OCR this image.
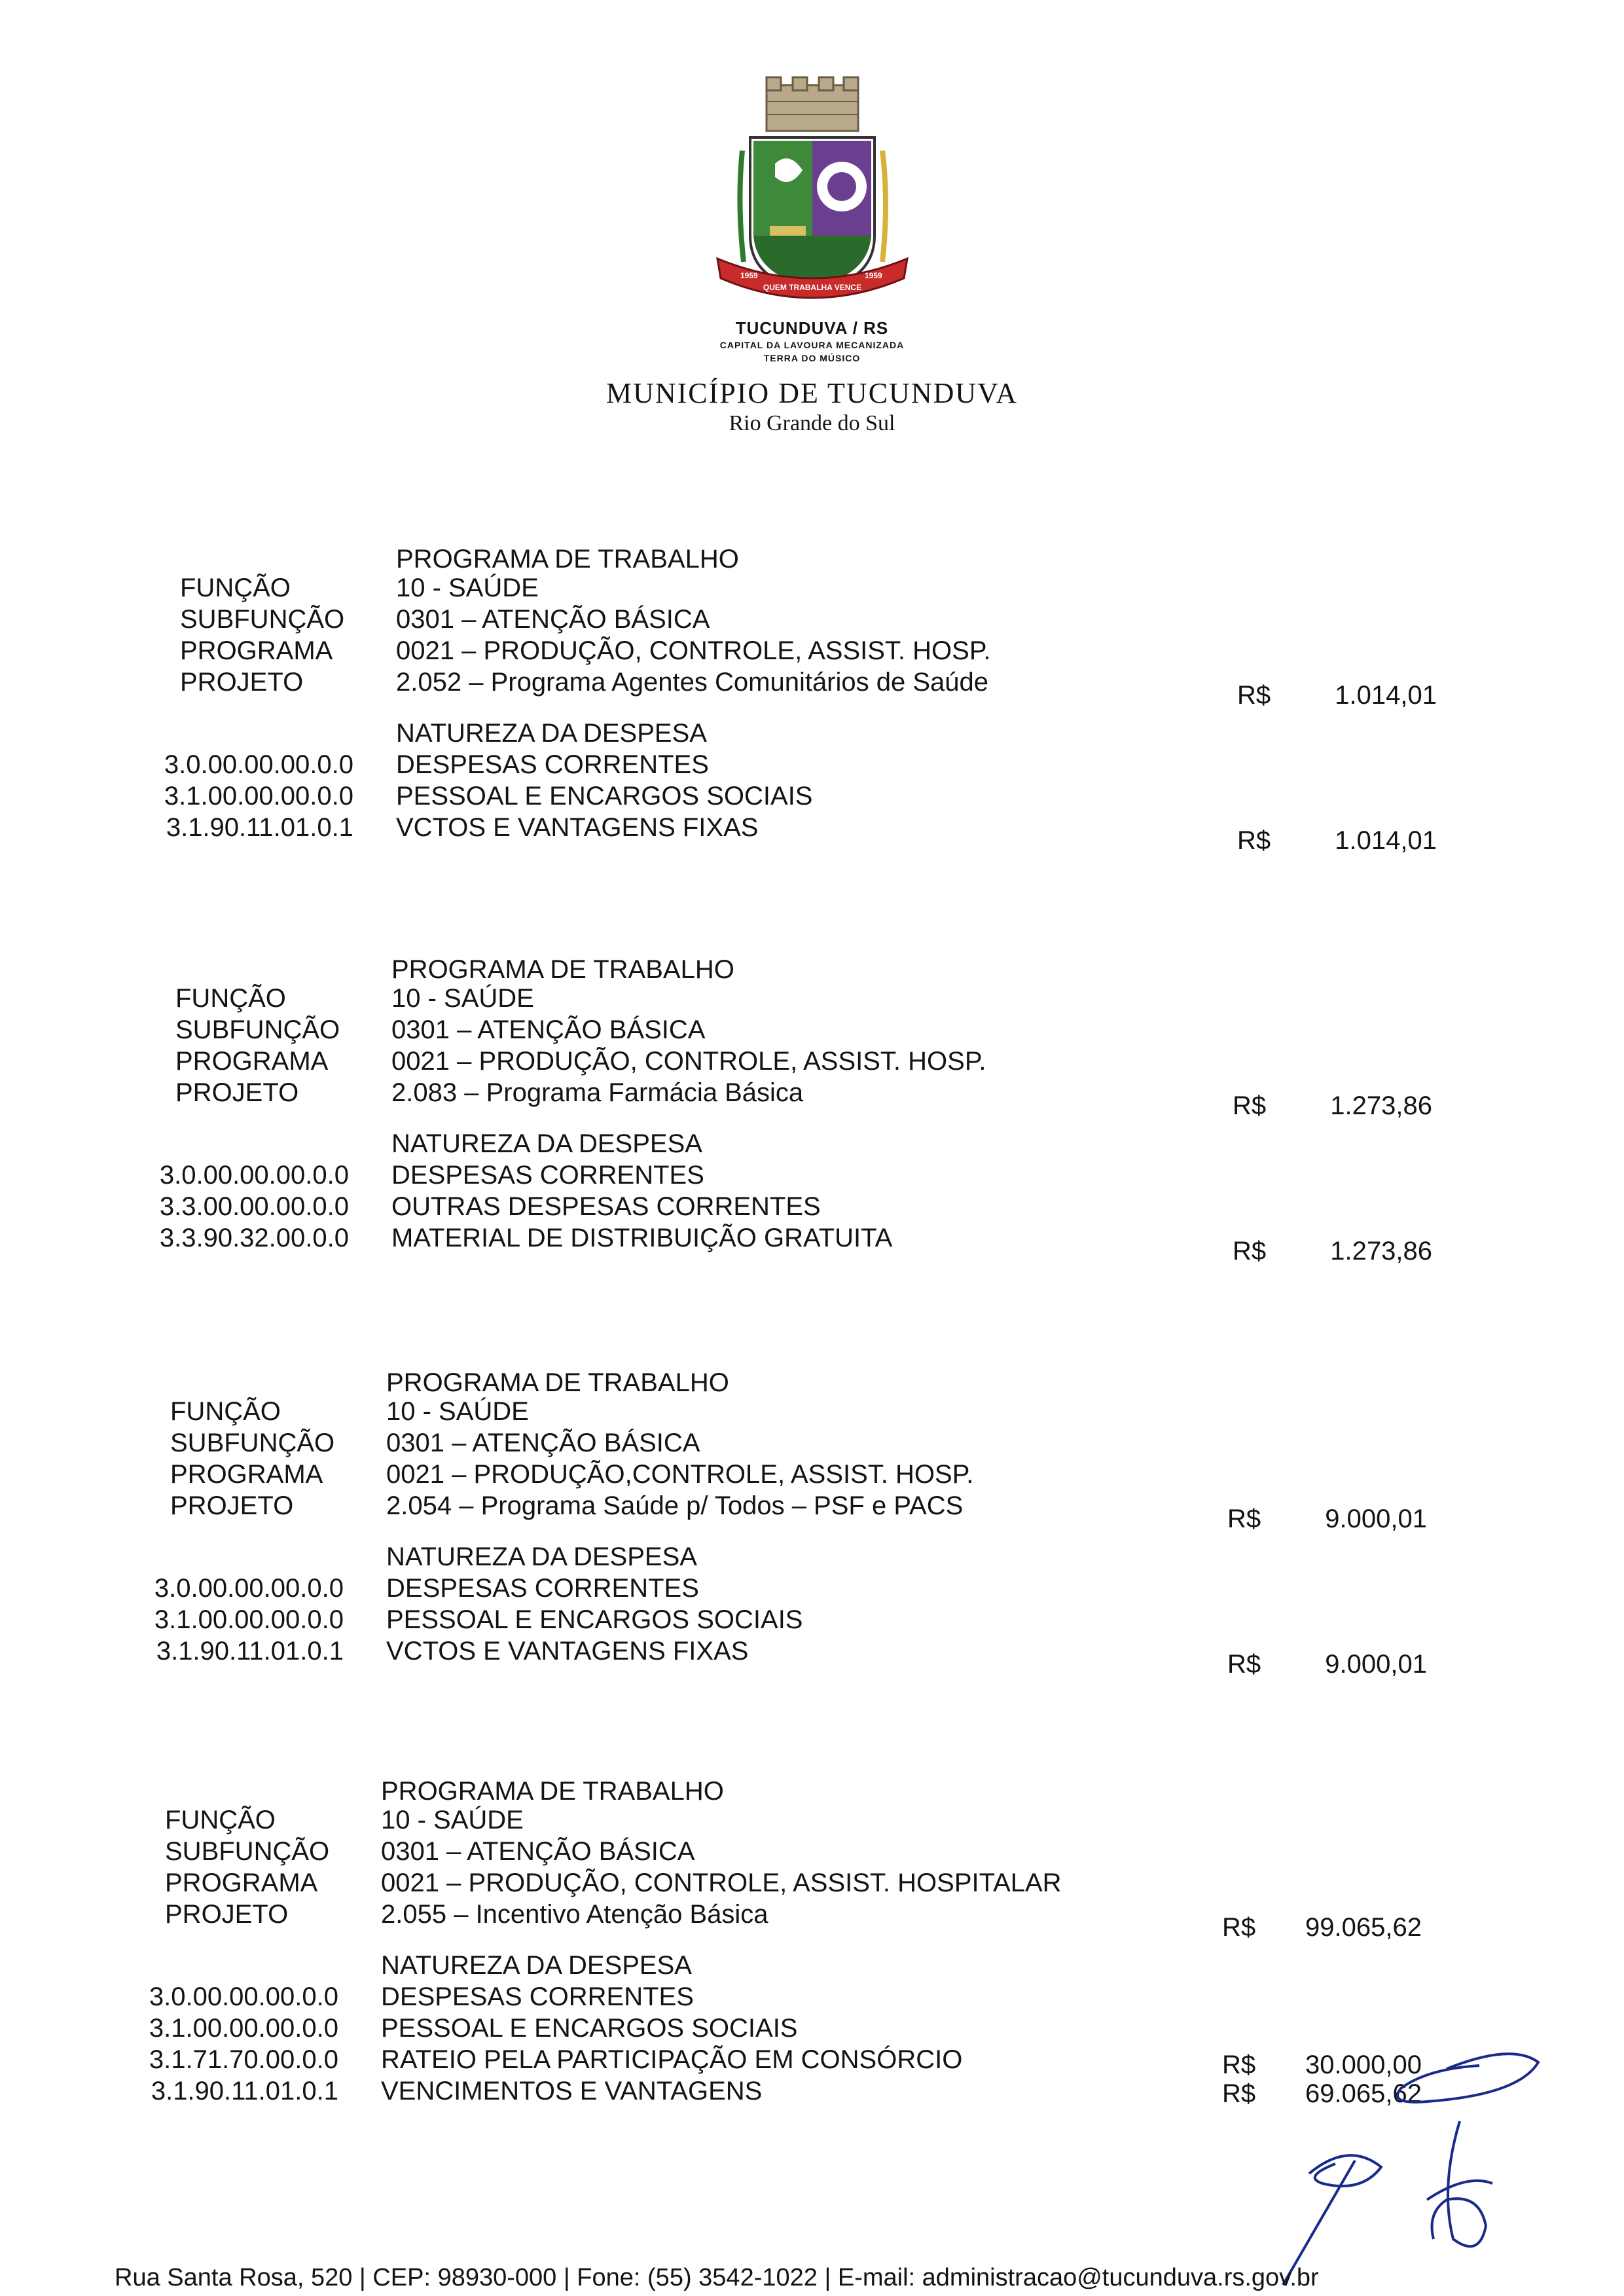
1959
QUEM TRABALHA VENCE
1959
TUCUNDUVA / RS
CAPITAL DA LAVOURA MECANIZADA
TERRA DO MÚSICO
MUNICÍPIO DE TUCUNDUVA
Rio Grande do Sul
PROGRAMA DE TRABALHO
FUNÇÃO	10 - SAÚDE
SUBFUNÇÃO 0301 – ATENÇÃO BÁSICA
PROGRAMA 0021 – PRODUÇÃO, CONTROLE, ASSIST. HOSP.
PROJETO	2.052 – Programa Agentes Comunitários de Saúde	R$	1.014,01
NATUREZA DA DESPESA
3.0.00.00.00.0.0 DESPESAS CORRENTES
3.1.00.00.00.0.0 PESSOAL E ENCARGOS SOCIAIS
3.1.90.11.01.0.1 VCTOS E VANTAGENS FIXAS	R$	1.014,01
PROGRAMA DE TRABALHO
FUNÇÃO	10 - SAÚDE
SUBFUNÇÃO 0301 – ATENÇÃO BÁSICA
PROGRAMA 0021 – PRODUÇÃO, CONTROLE, ASSIST. HOSP.
PROJETO	2.083 – Programa Farmácia Básica	R$	1.273,86
NATUREZA DA DESPESA
3.0.00.00.00.0.0 DESPESAS CORRENTES
3.3.00.00.00.0.0 OUTRAS DESPESAS CORRENTES
3.3.90.32.00.0.0 MATERIAL DE DISTRIBUIÇÃO GRATUITA	R$	1.273,86
PROGRAMA DE TRABALHO
FUNÇÃO	10 - SAÚDE
SUBFUNÇÃO 0301 – ATENÇÃO BÁSICA
PROGRAMA 0021 – PRODUÇÃO,CONTROLE, ASSIST. HOSP.
PROJETO	2.054 – Programa Saúde p/ Todos – PSF e PACS	R$	9.000,01
NATUREZA DA DESPESA
3.0.00.00.00.0.0 DESPESAS CORRENTES
3.1.00.00.00.0.0 PESSOAL E ENCARGOS SOCIAIS
3.1.90.11.01.0.1 VCTOS E VANTAGENS FIXAS	R$	9.000,01
PROGRAMA DE TRABALHO
FUNÇÃO	10 - SAÚDE
SUBFUNÇÃO 0301 – ATENÇÃO BÁSICA
PROGRAMA 0021 – PRODUÇÃO, CONTROLE, ASSIST. HOSPITALAR
PROJETO	2.055 – Incentivo Atenção Básica	R$	99.065,62
NATUREZA DA DESPESA
3.0.00.00.00.0.0 DESPESAS CORRENTES
3.1.00.00.00.0.0 PESSOAL E ENCARGOS SOCIAIS
3.1.71.70.00.0.0 RATEIO PELA PARTICIPAÇÃO EM CONSÓRCIO	R$	30.000,00
3.1.90.11.01.0.1 VENCIMENTOS E VANTAGENS	R$	69.065,62
Rua Santa Rosa, 520 | CEP: 98930-000 | Fone: (55) 3542-1022 | E-mail: administracao@tucunduva.rs.gov.br
